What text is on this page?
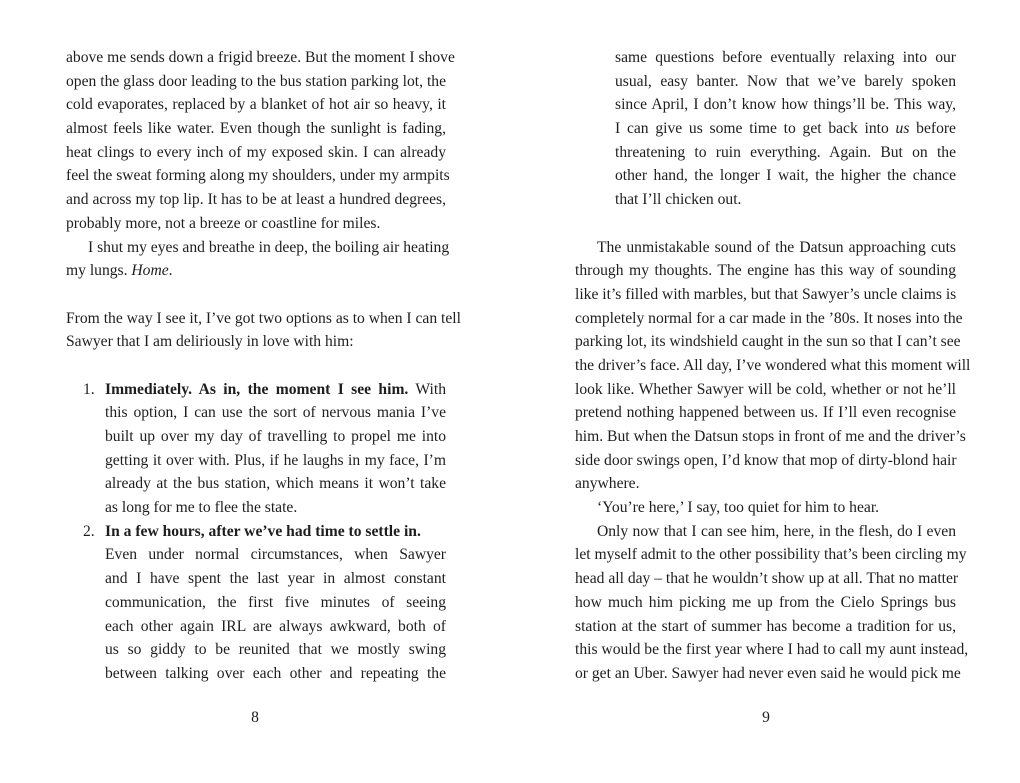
above me sends down a frigid breeze. But the moment I shove
open the glass door leading to the bus station parking lot, the
cold evaporates, replaced by a blanket of hot air so heavy, it
almost feels like water. Even though the sunlight is fading,
heat clings to every inch of my exposed skin. I can already
feel the sweat forming along my shoulders, under my armpits
and across my top lip. It has to be at least a hundred degrees,
probably more, not a breeze or coastline for miles.
I shut my eyes and breathe in deep, the boiling air heating
my lungs. Home.
From the way I see it, I’ve got two options as to when I can tell
Sawyer that I am deliriously in love with him:
1. Immediately. As in, the moment I see him. With
this option, I can use the sort of nervous mania I’ve
built up over my day of travelling to propel me into
getting it over with. Plus, if he laughs in my face, I’m
already at the bus station, which means it won’t take
as long for me to flee the state.
2. In a few hours, after we’ve had time to settle in.
Even under normal circumstances, when Sawyer
and I have spent the last year in almost constant
communication, the first five minutes of seeing
each other again IRL are always awkward, both of
us so giddy to be reunited that we mostly swing
between talking over each other and repeating the
8
same questions before eventually relaxing into our
usual, easy banter. Now that we’ve barely spoken
since April, I don’t know how things’ll be. This way,
I can give us some time to get back into us before
threatening to ruin everything. Again. But on the
other hand, the longer I wait, the higher the chance
that I’ll chicken out.
The unmistakable sound of the Datsun approaching cuts
through my thoughts. The engine has this way of sounding
like it’s filled with marbles, but that Sawyer’s uncle claims is
completely normal for a car made in the ’80s. It noses into the
parking lot, its windshield caught in the sun so that I can’t see
the driver’s face. All day, I’ve wondered what this moment will
look like. Whether Sawyer will be cold, whether or not he’ll
pretend nothing happened between us. If I’ll even recognise
him. But when the Datsun stops in front of me and the driver’s
side door swings open, I’d know that mop of dirty-blond hair
anywhere.
‘You’re here,’ I say, too quiet for him to hear.
Only now that I can see him, here, in the flesh, do I even
let myself admit to the other possibility that’s been circling my
head all day – that he wouldn’t show up at all. That no matter
how much him picking me up from the Cielo Springs bus
station at the start of summer has become a tradition for us,
this would be the first year where I had to call my aunt instead,
or get an Uber. Sawyer had never even said he would pick me
9
